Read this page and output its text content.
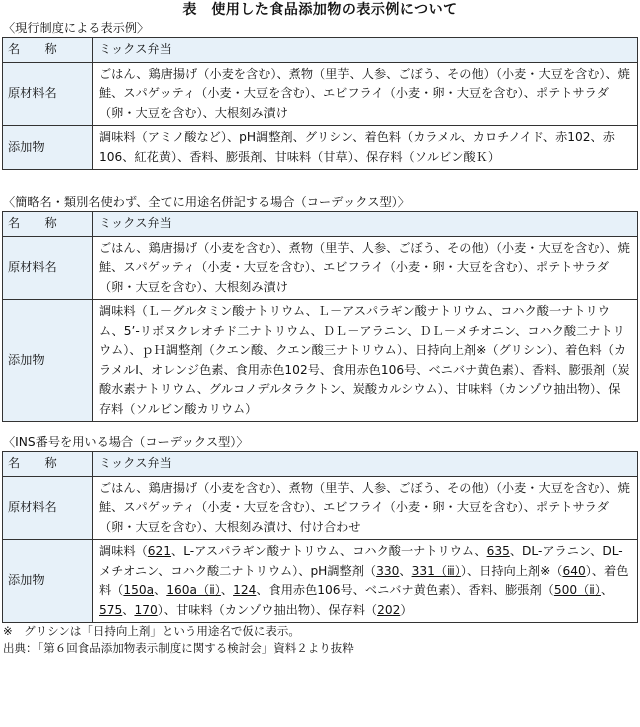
表　使用した食品添加物の表示例について
〈現行制度による表示例〉
名　　称	ミックス弁当
原材料名	ごはん、鶏唐揚げ（小麦を含む）、煮物（里芋、人参、ごぼう、その他）（小麦・大豆を含む）、焼鮭、スパゲッティ（小麦・大豆を含む）、エビフライ（小麦・卵・大豆を含む）、ポテトサラダ（卵・大豆を含む）、大根刻み漬け
添加物	調味料（アミノ酸など）、pH調整剤、グリシン、着色料（カラメル、カロチノイド、赤102、赤106、紅花黄）、香料、膨張剤、甘味料（甘草）、保存料（ソルビン酸Ｋ）
〈簡略名・類別名使わず、全てに用途名併記する場合（コーデックス型）〉
名　　称	ミックス弁当
原材料名	ごはん、鶏唐揚げ（小麦を含む）、煮物（里芋、人参、ごぼう、その他）（小麦・大豆を含む）、焼鮭、スパゲッティ（小麦・大豆を含む）、エビフライ（小麦・卵・大豆を含む）、ポテトサラダ（卵・大豆を含む）、大根刻み漬け
添加物	調味料（Ｌ－グルタミン酸ナトリウム、Ｌ－アスパラギン酸ナトリウム、コハク酸一ナトリウム、5’-リボヌクレオチド二ナトリウム、ＤＬ－アラニン、ＤＬ－メチオニン、コハク酸二ナトリウム）、ｐＨ調整剤（クエン酸、クエン酸三ナトリウム）、日持向上剤※（グリシン）、着色料（カラメルⅠ、オレンジ色素、食用赤色102号、食用赤色106号、ベニバナ黄色素）、香料、膨張剤（炭酸水素ナトリウム、グルコノデルタラクトン、炭酸カルシウム）、甘味料（カンゾウ抽出物）、保存料（ソルビン酸カリウム）
〈INS番号を用いる場合（コーデックス型）〉
名　　称	ミックス弁当
原材料名	ごはん、鶏唐揚げ（小麦を含む）、煮物（里芋、人参、ごぼう、その他）（小麦・大豆を含む）、焼鮭、スパゲッティ（小麦・大豆を含む）、エビフライ（小麦・卵・大豆を含む）、ポテトサラダ（卵・大豆を含む）、大根刻み漬け、付け合わせ
添加物	調味料（621、L-アスパラギン酸ナトリウム、コハク酸一ナトリウム、635、DL-アラニン、DL-メチオニン、コハク酸二ナトリウム）、pH調整剤（330、331（ⅲ））、日持向上剤※（640）、着色料（150a、160a（ⅱ）、124、食用赤色106号、ベニバナ黄色素）、香料、膨張剤（500（ⅱ）、575、170）、甘味料（カンゾウ抽出物）、保存料（202）
※　グリシンは「日持向上剤」という用途名で仮に表示。
出典：「第６回食品添加物表示制度に関する検討会」資料２より抜粋
